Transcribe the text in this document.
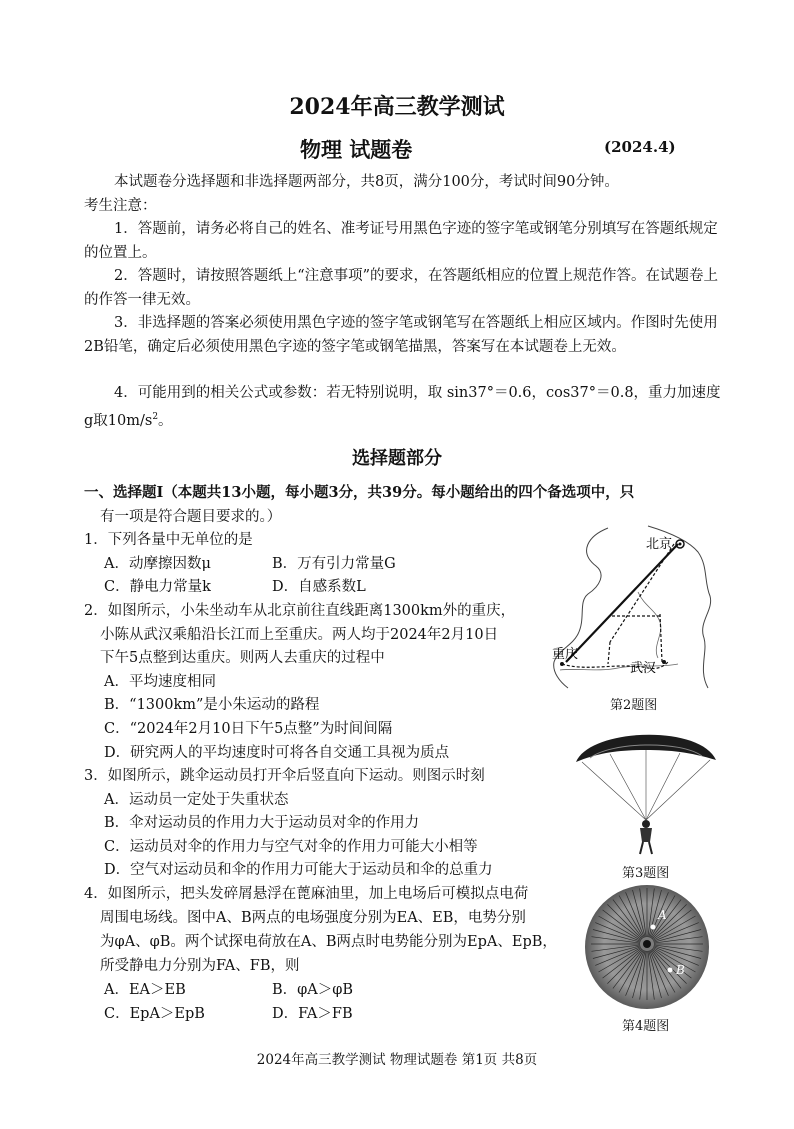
2024年高三教学测试
物理 试题卷	(2024.4)
本试题卷分选择题和非选择题两部分，共8页，满分100分，考试时间90分钟。
考生注意：
1．答题前，请务必将自己的姓名、准考证号用黑色字迹的签字笔或钢笔分别填写在答题纸规定的位置上。
2．答题时，请按照答题纸上“注意事项”的要求，在答题纸相应的位置上规范作答。在试题卷上的作答一律无效。
3．非选择题的答案必须使用黑色字迹的签字笔或钢笔写在答题纸上相应区域内。作图时先使用2B铅笔，确定后必须使用黑色字迹的签字笔或钢笔描黑，答案写在本试题卷上无效。
4．可能用到的相关公式或参数：若无特别说明，取 sin37°＝0.6，cos37°＝0.8，重力加速度g取$10m/s^2$。
选择题部分
一、选择题Ⅰ（本题共13小题，每小题3分，共39分。每小题给出的四个备选项中，只
有一项是符合题目要求的。）
1．下列各量中无单位的是
A．动摩擦因数μ	B．万有引力常量G
C．静电力常量k	D．自感系数L
2．如图所示，小朱坐动车从北京前往直线距离1300km外的重庆，
小陈从武汉乘船沿长江而上至重庆。两人均于2024年2月10日
下午5点整到达重庆。则两人去重庆的过程中
A．平均速度相同
B．“1300km”是小朱运动的路程
C．“2024年2月10日下午5点整”为时间间隔
D．研究两人的平均速度时可将各自交通工具视为质点
3．如图所示，跳伞运动员打开伞后竖直向下运动。则图示时刻
A．运动员一定处于失重状态
B．伞对运动员的作用力大于运动员对伞的作用力
C．运动员对伞的作用力与空气对伞的作用力可能大小相等
D．空气对运动员和伞的作用力可能大于运动员和伞的总重力
4．如图所示，把头发碎屑悬浮在蓖麻油里，加上电场后可模拟点电荷
周围电场线。图中A、B两点的电场强度分别为EA、EB，电势分别
为φA、φB。两个试探电荷放在A、B两点时电势能分别为EpA、EpB，
所受静电力分别为FA、FB，则
A．EA＞EB	B．φA＞φB
C．EpA＞EpB	D．FA＞FB
北京
重庆
武汉
第2题图
第3题图
A
B
第4题图
2024年高三教学测试 物理试题卷 第1页 共8页
